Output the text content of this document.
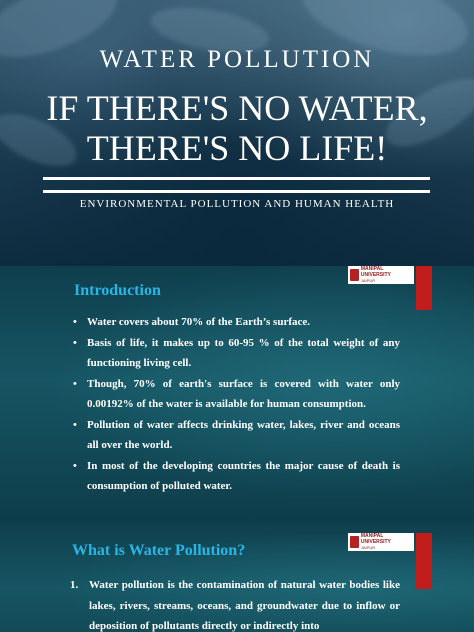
WATER POLLUTION
IF THERE'S NO WATER, THERE'S NO LIFE!
ENVIRONMENTAL POLLUTION AND HUMAN HEALTH
MANIPAL UNIVERSITY
JAIPUR
Introduction
• Water covers about 70% of the Earth’s surface.
• Basis of life, it makes up to 60-95 % of the total weight of any functioning living cell.
• Though, 70% of earth's surface is covered with water only 0.00192% of the water is available for human consumption.
• Pollution of water affects drinking water, lakes, river and oceans all over the world.
• In most of the developing countries the major cause of death is consumption of polluted water.
MANIPAL UNIVERSITY
JAIPUR
What is Water Pollution?
1. Water pollution is the contamination of natural water bodies like lakes, rivers, streams, oceans, and groundwater due to inflow or deposition of pollutants directly or indirectly into
